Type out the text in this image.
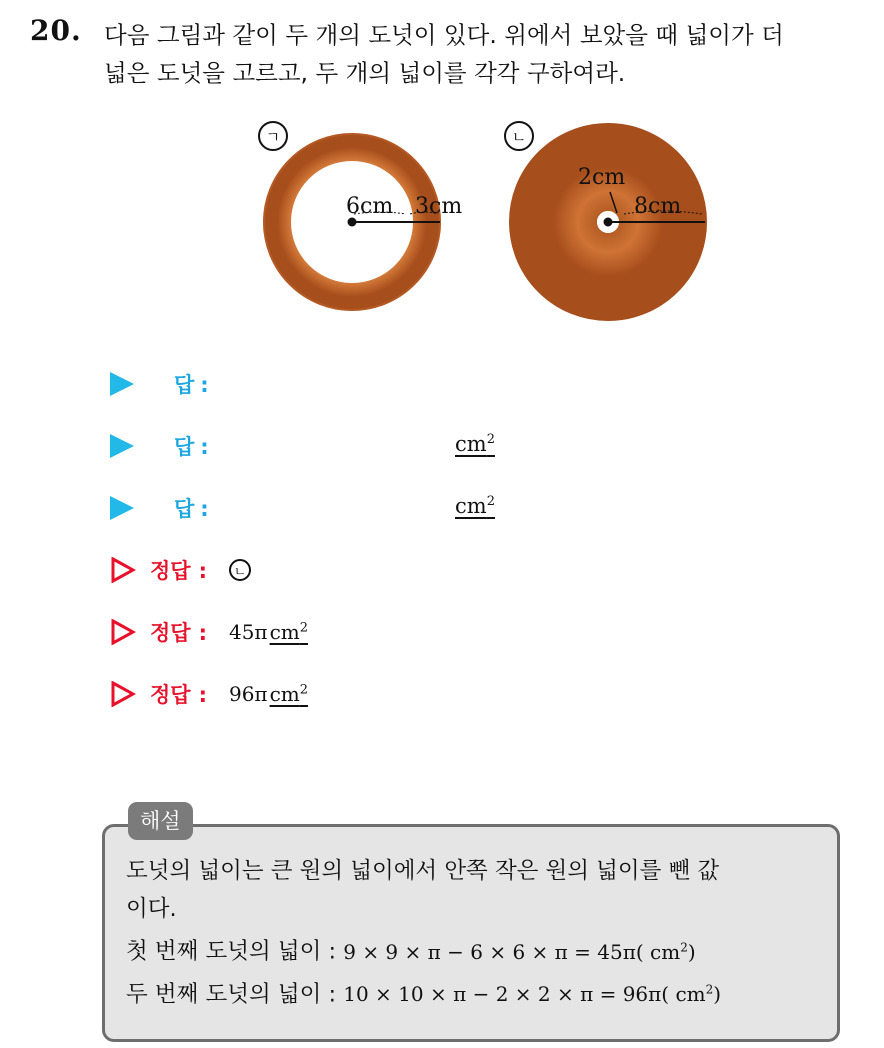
20. 다음 그림과 같이 두 개의 도넛이 있다. 위에서 보았을 때 넓이가 더
넓은 도넛을 고르고, 두 개의 넓이를 각각 구하여라.
6cm 3cm
ㄱ
2cm
8cm
ㄴ
답 :
답 :	$cm^2$
답 :	$cm^2$
정답 :	ㄴ
정답 :	45π $cm^2$
정답 :	96π $cm^2$
해설
도넛의 넓이는 큰 원의 넓이에서 안쪽 작은 원의 넓이를 뺀 값
이다.
첫 번째 도넛의 넓이 : 9 × 9 × π − 6 × 6 × π = 45π( $cm^2$)
두 번째 도넛의 넓이 : 10 × 10 × π − 2 × 2 × π = 96π( $cm^2$)
